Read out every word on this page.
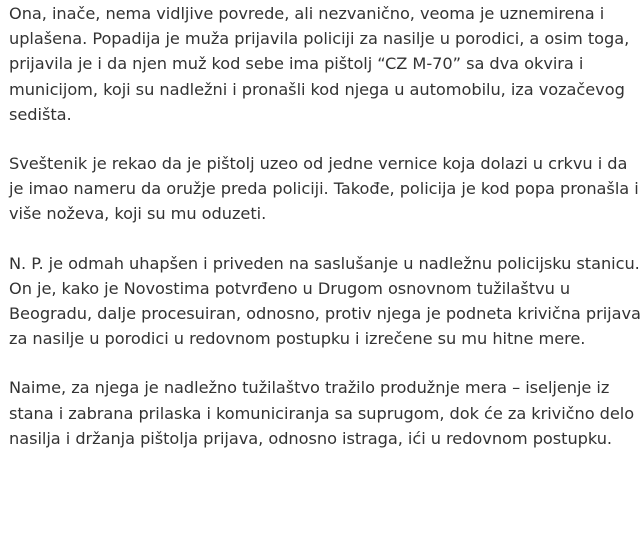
Ona, inače, nema vidljive povrede, ali nezvanično, veoma je uznemirena i uplašena. Popadija je muža prijavila policiji za nasilje u porodici, a osim toga, prijavila je i da njen muž kod sebe ima pištolj “CZ M-70” sa dva okvira i municijom, koji su nadležni i pronašli kod njega u automobilu, iza vozačevog sedišta.

Sveštenik je rekao da je pištolj uzeo od jedne vernice koja dolazi u crkvu i da je imao nameru da oružje preda policiji. Takođe, policija je kod popa pronašla i više noževa, koji su mu oduzeti.

N. P. je odmah uhapšen i priveden na saslušanje u nadležnu policijsku stanicu. On je, kako je Novostima potvrđeno u Drugom osnovnom tužilaštvu u Beogradu, dalje procesuiran, odnosno, protiv njega je podneta krivična prijava za nasilje u porodici u redovnom postupku i izrečene su mu hitne mere.

Naime, za njega je nadležno tužilaštvo tražilo produžnje mera – iseljenje iz stana i zabrana prilaska i komuniciranja sa suprugom, dok će za krivično delo nasilja i držanja pištolja prijava, odnosno istraga, ići u redovnom postupku.
